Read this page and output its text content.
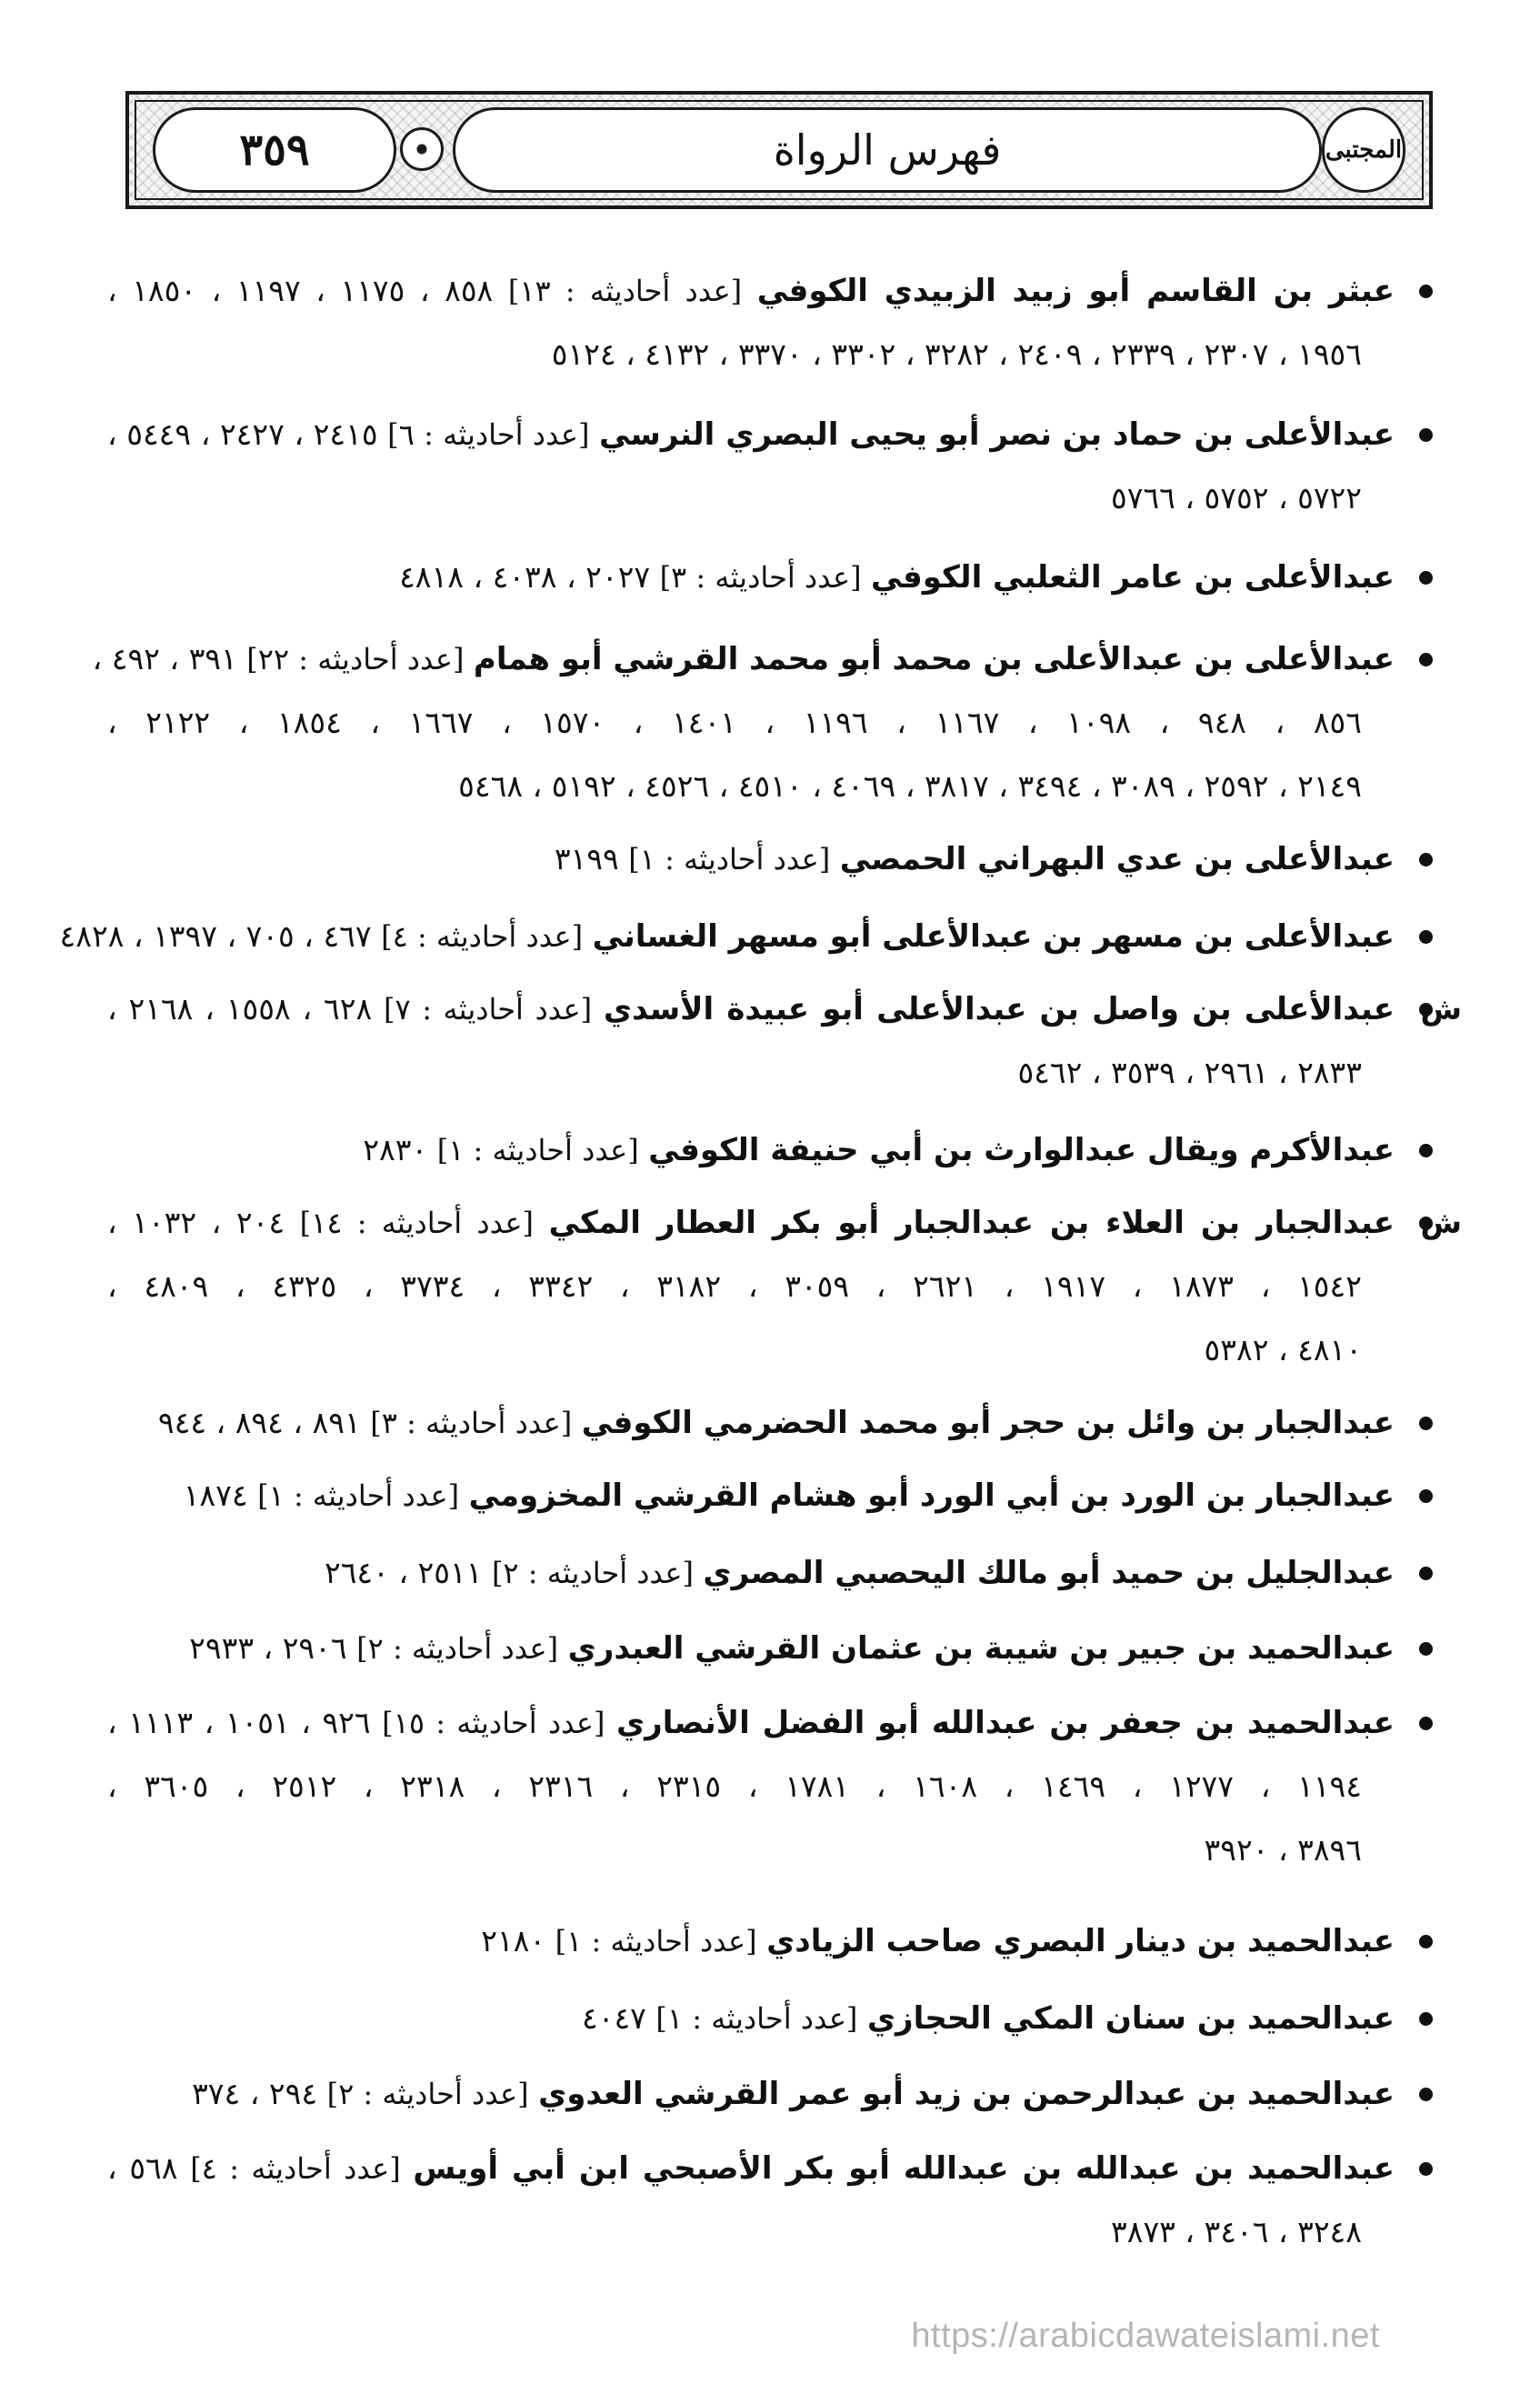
٣٥٩	فهرس الرواة	المجتبى
عبثر بن القاسم أبو زبيد الزبيدي الكوفي [عدد أحاديثه : ١٣] ٨٥٨ ، ١١٧٥ ، ١١٩٧ ، ١٨٥٠ ،
١٩٥٦ ، ٢٣٠٧ ، ٢٣٣٩ ، ٢٤٠٩ ، ٣٢٨٢ ، ٣٣٠٢ ، ٣٣٧٠ ، ٤١٣٢ ، ٥١٢٤
عبدالأعلى بن حماد بن نصر أبو يحيى البصري النرسي [عدد أحاديثه : ٦] ٢٤١٥ ، ٢٤٢٧ ، ٥٤٤٩ ،
٥٧٢٢ ، ٥٧٥٢ ، ٥٧٦٦
عبدالأعلى بن عامر الثعلبي الكوفي [عدد أحاديثه : ٣] ٢٠٢٧ ، ٤٠٣٨ ، ٤٨١٨
عبدالأعلى بن عبدالأعلى بن محمد أبو محمد القرشي أبو همام [عدد أحاديثه : ٢٢] ٣٩١ ، ٤٩٢ ،
٨٥٦ ، ٩٤٨ ، ١٠٩٨ ، ١١٦٧ ، ١١٩٦ ، ١٤٠١ ، ١٥٧٠ ، ١٦٦٧ ، ١٨٥٤ ، ٢١٢٢ ،
٢١٤٩ ، ٢٥٩٢ ، ٣٠٨٩ ، ٣٤٩٤ ، ٣٨١٧ ، ٤٠٦٩ ، ٤٥١٠ ، ٤٥٢٦ ، ٥١٩٢ ، ٥٤٦٨
عبدالأعلى بن عدي البهراني الحمصي [عدد أحاديثه : ١] ٣١٩٩
عبدالأعلى بن مسهر بن عبدالأعلى أبو مسهر الغساني [عدد أحاديثه : ٤] ٤٦٧ ، ٧٠٥ ، ١٣٩٧ ، ٤٨٢٨
ش
عبدالأعلى بن واصل بن عبدالأعلى أبو عبيدة الأسدي [عدد أحاديثه : ٧] ٦٢٨ ، ١٥٥٨ ، ٢١٦٨ ،
٢٨٣٣ ، ٢٩٦١ ، ٣٥٣٩ ، ٥٤٦٢
عبدالأكرم ويقال عبدالوارث بن أبي حنيفة الكوفي [عدد أحاديثه : ١] ٢٨٣٠
ش
عبدالجبار بن العلاء بن عبدالجبار أبو بكر العطار المكي [عدد أحاديثه : ١٤] ٢٠٤ ، ١٠٣٢ ،
١٥٤٢ ، ١٨٧٣ ، ١٩١٧ ، ٢٦٢١ ، ٣٠٥٩ ، ٣١٨٢ ، ٣٣٤٢ ، ٣٧٣٤ ، ٤٣٢٥ ، ٤٨٠٩ ،
٤٨١٠ ، ٥٣٨٢
عبدالجبار بن وائل بن حجر أبو محمد الحضرمي الكوفي [عدد أحاديثه : ٣] ٨٩١ ، ٨٩٤ ، ٩٤٤
عبدالجبار بن الورد بن أبي الورد أبو هشام القرشي المخزومي [عدد أحاديثه : ١] ١٨٧٤
عبدالجليل بن حميد أبو مالك اليحصبي المصري [عدد أحاديثه : ٢] ٢٥١١ ، ٢٦٤٠
عبدالحميد بن جبير بن شيبة بن عثمان القرشي العبدري [عدد أحاديثه : ٢] ٢٩٠٦ ، ٢٩٣٣
عبدالحميد بن جعفر بن عبدالله أبو الفضل الأنصاري [عدد أحاديثه : ١٥] ٩٢٦ ، ١٠٥١ ، ١١١٣ ،
١١٩٤ ، ١٢٧٧ ، ١٤٦٩ ، ١٦٠٨ ، ١٧٨١ ، ٢٣١٥ ، ٢٣١٦ ، ٢٣١٨ ، ٢٥١٢ ، ٣٦٠٥ ،
٣٨٩٦ ، ٣٩٢٠
عبدالحميد بن دينار البصري صاحب الزيادي [عدد أحاديثه : ١] ٢١٨٠
عبدالحميد بن سنان المكي الحجازي [عدد أحاديثه : ١] ٤٠٤٧
عبدالحميد بن عبدالرحمن بن زيد أبو عمر القرشي العدوي [عدد أحاديثه : ٢] ٢٩٤ ، ٣٧٤
عبدالحميد بن عبدالله بن عبدالله أبو بكر الأصبحي ابن أبي أويس [عدد أحاديثه : ٤] ٥٦٨ ،
٣٢٤٨ ، ٣٤٠٦ ، ٣٨٧٣
https://arabicdawateislami.net
